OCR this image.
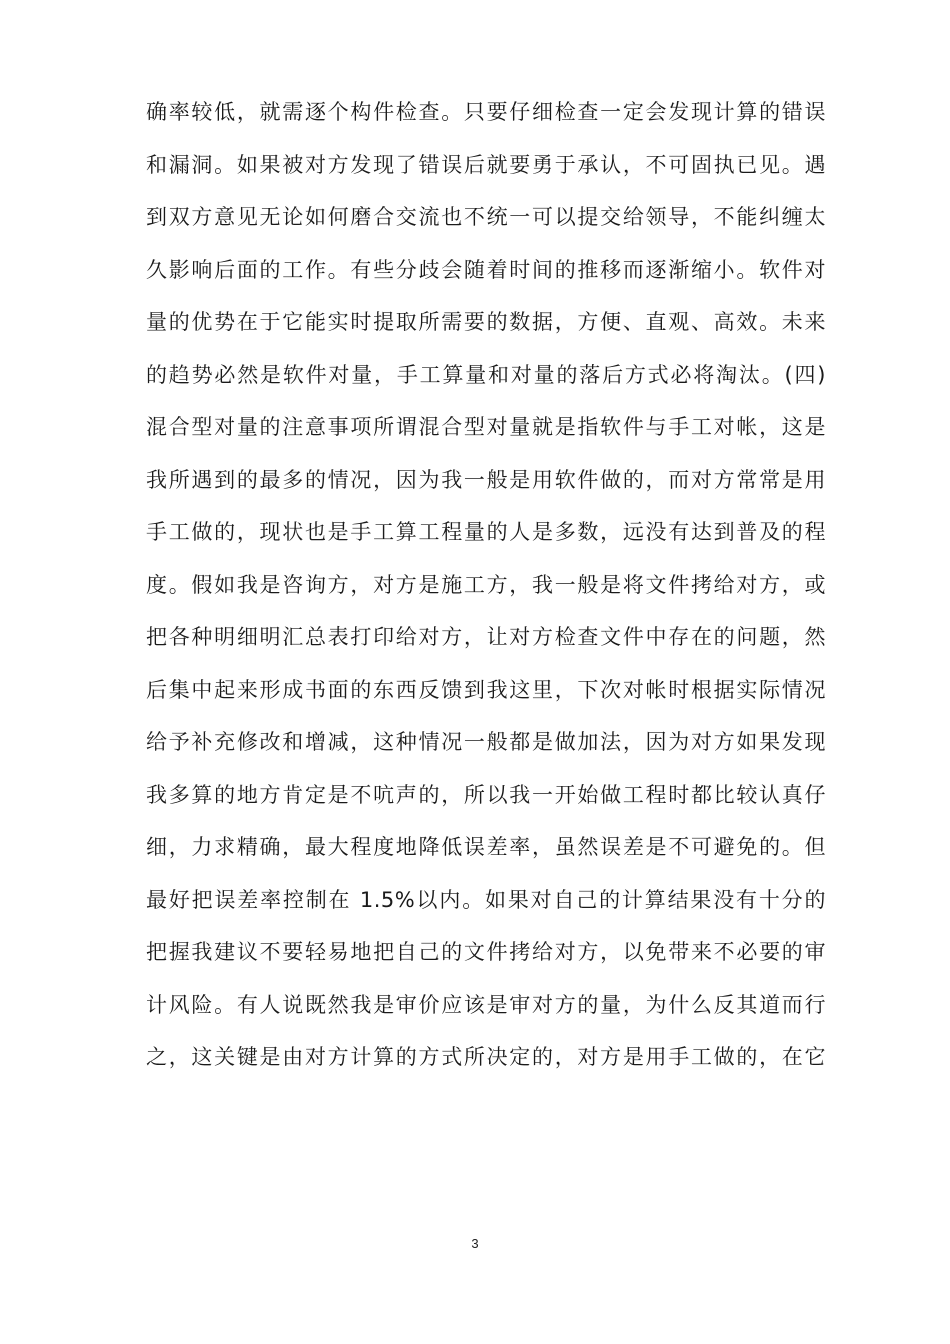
确率较低，就需逐个构件检查。只要仔细检查一定会发现计算的错误
和漏洞。如果被对方发现了错误后就要勇于承认，不可固执已见。遇
到双方意见无论如何磨合交流也不统一可以提交给领导，不能纠缠太
久影响后面的工作。有些分歧会随着时间的推移而逐渐缩小。软件对
量的优势在于它能实时提取所需要的数据，方便、直观、高效。未来
的趋势必然是软件对量，手工算量和对量的落后方式必将淘汰。(四)
混合型对量的注意事项所谓混合型对量就是指软件与手工对帐，这是
我所遇到的最多的情况，因为我一般是用软件做的，而对方常常是用
手工做的，现状也是手工算工程量的人是多数，远没有达到普及的程
度。假如我是咨询方，对方是施工方，我一般是将文件拷给对方，或
把各种明细明汇总表打印给对方，让对方检查文件中存在的问题，然
后集中起来形成书面的东西反馈到我这里，下次对帐时根据实际情况
给予补充修改和增减，这种情况一般都是做加法，因为对方如果发现
我多算的地方肯定是不吭声的，所以我一开始做工程时都比较认真仔
细，力求精确，最大程度地降低误差率，虽然误差是不可避免的。但
最好把误差率控制在 1.5%以内。如果对自己的计算结果没有十分的
把握我建议不要轻易地把自己的文件拷给对方，以免带来不必要的审
计风险。有人说既然我是审价应该是审对方的量，为什么反其道而行
之，这关键是由对方计算的方式所决定的，对方是用手工做的，在它
3
